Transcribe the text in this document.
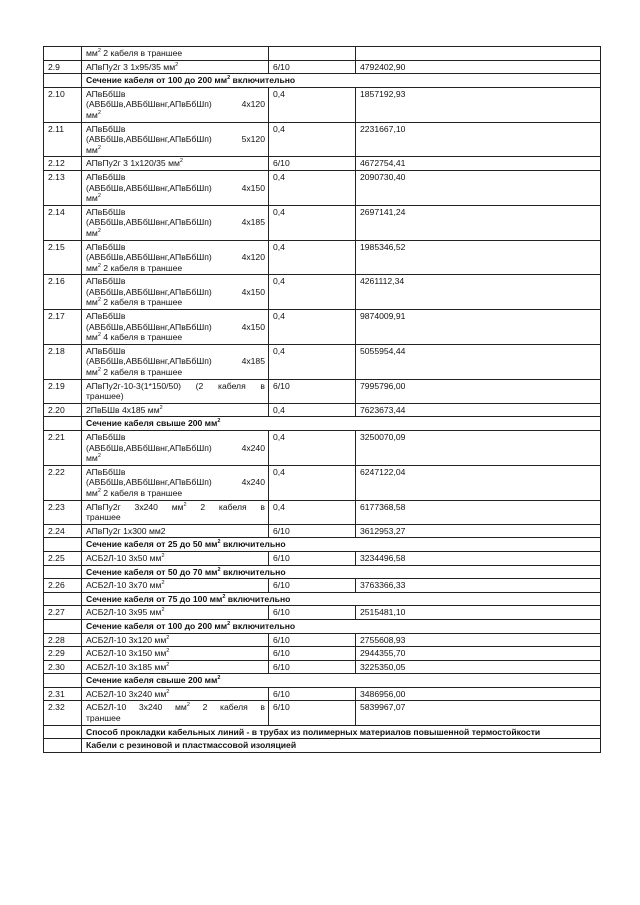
	$мм^2$ 2 кабеля в траншее		

2.9	АПвПу2г 3 1х95/35 $мм^2$	6/10	4792402,90
	Сечение кабеля от 100 до 200 $мм^2$ включительно		
2.10	АПвБбШв
(АВБбШв,АВБбШвнг,АПвБбШп) 4х120
$мм^2$	0,4	1857192,93
2.11	АПвБбШв
(АВБбШв,АВБбШвнг,АПвБбШп) 5х120
$мм^2$	0,4	2231667,10
2.12	АПвПу2г 3 1х120/35 $мм^2$	6/10	4672754,41
2.13	АПвБбШв
(АВБбШв,АВБбШвнг,АПвБбШп) 4х150
$мм^2$	0,4	2090730,40
2.14	АПвБбШв
(АВБбШв,АВБбШвнг,АПвБбШп) 4х185
$мм^2$	0,4	2697141,24
2.15	АПвБбШв
(АВБбШв,АВБбШвнг,АПвБбШп) 4х120
$мм^2$ 2 кабеля в траншее	0,4	1985346,52
2.16	АПвБбШв
(АВБбШв,АВБбШвнг,АПвБбШп) 4х150
$мм^2$ 2 кабеля в траншее	0,4	4261112,34
2.17	АПвБбШв
(АВБбШв,АВБбШвнг,АПвБбШп) 4х150
$мм^2$ 4 кабеля в траншее	0,4	9874009,91
2.18	АПвБбШв
(АВБбШв,АВБбШвнг,АПвБбШп) 4х185
$мм^2$ 2 кабеля в траншее	0,4	5055954,44
2.19	АПвПу2г-10-3(1*150/50) (2 кабеля в
траншее)	6/10	7995796,00
2.20	2ПвБШв 4х185 $мм^2$	0,4	7623673,44
	Сечение кабеля свыше 200 $мм^2$
2.21	АПвБбШв
(АВБбШв,АВБбШвнг,АПвБбШп) 4х240
$мм^2$	0,4	3250070,09
2.22	АПвБбШв
(АВБбШв,АВБбШвнг,АПвБбШп) 4х240
$мм^2$ 2 кабеля в траншее	0,4	6247122,04
2.23	АПвПу2г 3х240 $мм^2$ 2 кабеля в
траншее	0,4	6177368,58
2.24	АПвПу2г 1х300 мм2	6/10	3612953,27
	Сечение кабеля от 25 до 50 $мм^2$ включительно		
2.25	АСБ2Л-10 3х50 $мм^2$	6/10	3234496,58
	Сечение кабеля от 50 до 70 $мм^2$ включительно		
2.26	АСБ2Л-10 3х70 $мм^2$	6/10	3763366,33
	Сечение кабеля от 75 до 100 $мм^2$ включительно		
2.27	АСБ2Л-10 3х95 $мм^2$	6/10	2515481,10
	Сечение кабеля от 100 до 200 $мм^2$ включительно		
2.28	АСБ2Л-10 3х120 $мм^2$	6/10	2755608,93
2.29	АСБ2Л-10 3х150 $мм^2$	6/10	2944355,70
2.30	АСБ2Л-10 3х185 $мм^2$	6/10	3225350,05
	Сечение кабеля свыше 200 $мм^2$
2.31	АСБ2Л-10 3х240 $мм^2$	6/10	3486956,00
2.32	АСБ2Л-10 3х240 $мм^2$ 2 кабеля в
траншее	6/10	5839967,07
	Способ прокладки кабельных линий - в трубах из полимерных материалов повышенной термостойкости		
	Кабели с резиновой и пластмассовой изоляцией		
